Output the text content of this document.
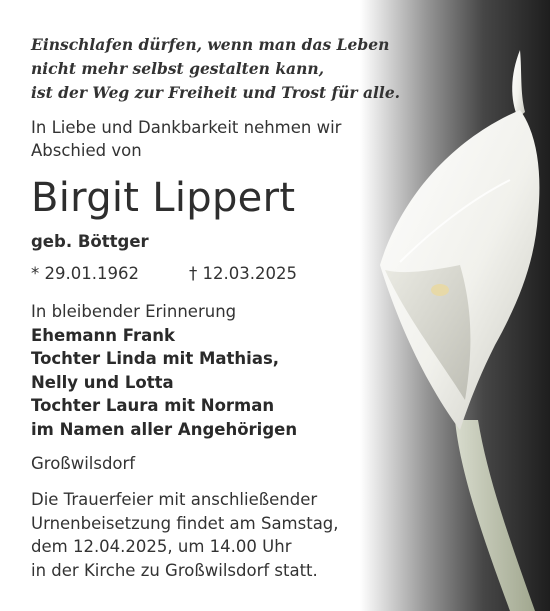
Einschlafen dürfen, wenn man das Leben
nicht mehr selbst gestalten kann,
ist der Weg zur Freiheit und Trost für alle.
In Liebe und Dankbarkeit nehmen wir
Abschied von
Birgit Lippert
geb. Böttger
* 29.01.1962	† 12.03.2025
In bleibender Erinnerung
Ehemann Frank
Tochter Linda mit Mathias,
Nelly und Lotta
Tochter Laura mit Norman
im Namen aller Angehörigen
Großwilsdorf
Die Trauerfeier mit anschließender
Urnenbeisetzung findet am Samstag,
dem 12.04.2025, um 14.00 Uhr
in der Kirche zu Großwilsdorf statt.
